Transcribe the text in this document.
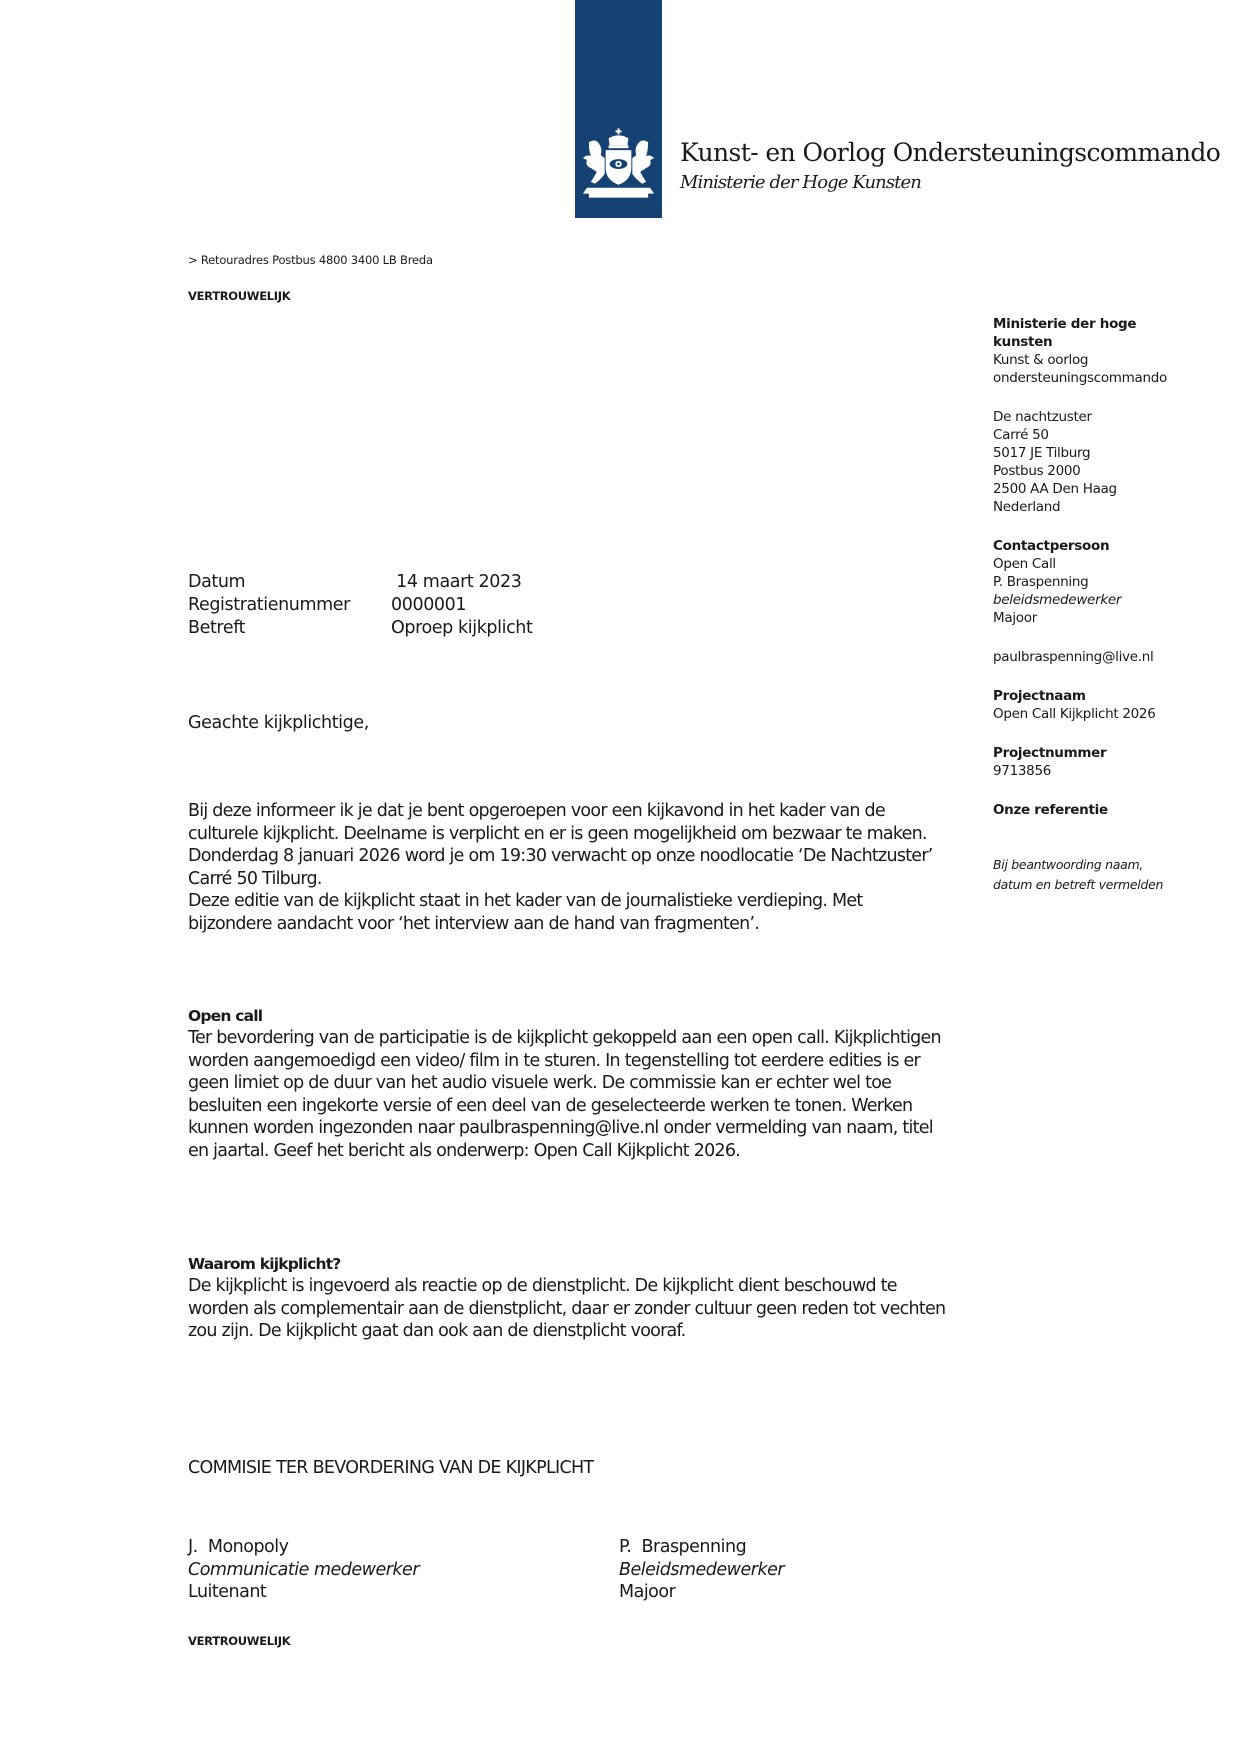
Kunst- en Oorlog Ondersteuningscommando
Ministerie der Hoge Kunsten
> Retouradres Postbus 4800 3400 LB Breda
VERTROUWELIJK
Ministerie der hoge
kunsten
Kunst & oorlog
ondersteuningscommando
De nachtzuster
Carré 50
5017 JE Tilburg
Postbus 2000
2500 AA Den Haag
Nederland
Contactpersoon
Open Call
P. Braspenning
beleidsmedewerker
Majoor
paulbraspenning@live.nl
Projectnaam
Open Call Kijkplicht 2026
Projectnummer
9713856
Onze referentie
Bij beantwoording naam,
datum en betreft vermelden
Datum	14 maart 2023
Registratienummer	0000001
Betreft	Oproep kijkplicht
Geachte kijkplichtige,

Bij deze informeer ik je dat je bent opgeroepen voor een kijkavond in het kader van de culturele kijkplicht. Deelname is verplicht en er is geen mogelijkheid om bezwaar te maken. Donderdag 8 januari 2026 word je om 19:30 verwacht op onze noodlocatie ‘De Nachtzuster’ Carré 50 Tilburg.

Deze editie van de kijkplicht staat in het kader van de journalistieke verdieping. Met bijzondere aandacht voor ‘het interview aan de hand van fragmenten’.

Open call

Ter bevordering van de participatie is de kijkplicht gekoppeld aan een open call. Kijkplichtigen worden aangemoedigd een video/ film in te sturen. In tegenstelling tot eerdere edities is er geen limiet op de duur van het audio visuele werk. De commissie kan er echter wel toe besluiten een ingekorte versie of een deel van de geselecteerde werken te tonen. Werken kunnen worden ingezonden naar paulbraspenning@live.nl onder vermelding van naam, titel en jaartal. Geef het bericht als onderwerp: Open Call Kijkplicht 2026.

Waarom kijkplicht?

De kijkplicht is ingevoerd als reactie op de dienstplicht. De kijkplicht dient beschouwd te worden als complementair aan de dienstplicht, daar er zonder cultuur geen reden tot vechten zou zijn. De kijkplicht gaat dan ook aan de dienstplicht vooraf.

COMMISIE TER BEVORDERING VAN DE KIJKPLICHT
J.  Monopoly
Communicatie medewerker
Luitenant
P.  Braspenning
Beleidsmedewerker
Majoor
VERTROUWELIJK
